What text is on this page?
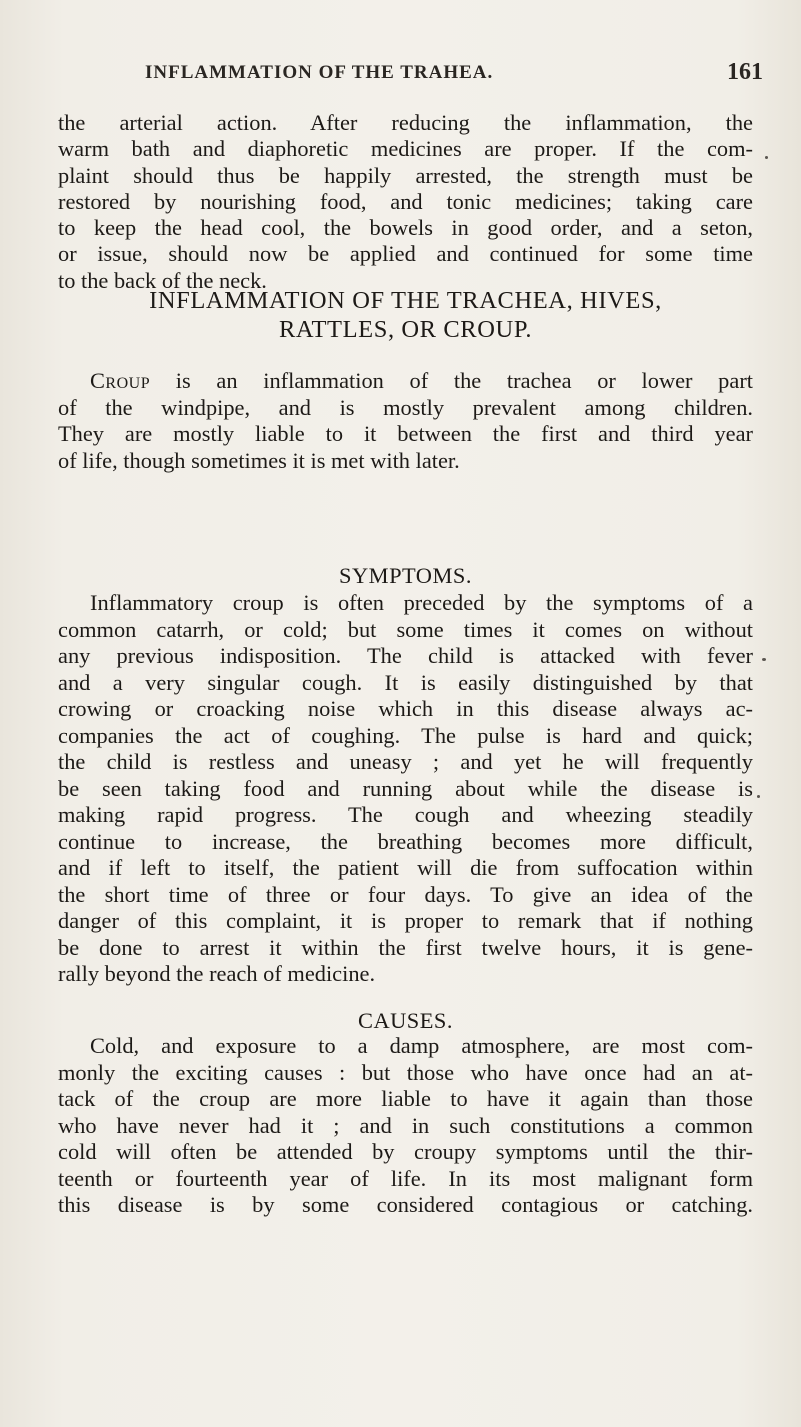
INFLAMMATION OF THE TRAHEA.	161
the arterial action. After reducing the inflammation, the
warm bath and diaphoretic medicines are proper. If the com-
plaint should thus be happily arrested, the strength must be
restored by nourishing food, and tonic medicines; taking care
to keep the head cool, the bowels in good order, and a seton,
or issue, should now be applied and continued for some time
to the back of the neck.
INFLAMMATION OF THE TRACHEA, HIVES,
RATTLES, OR CROUP.
Croup is an inflammation of the trachea or lower part
of the windpipe, and is mostly prevalent among children.
They are mostly liable to it between the first and third year
of life, though sometimes it is met with later.
SYMPTOMS.
Inflammatory croup is often preceded by the symptoms of a
common catarrh, or cold; but some times it comes on without
any previous indisposition. The child is attacked with fever
and a very singular cough. It is easily distinguished by that
crowing or croacking noise which in this disease always ac-
companies the act of coughing. The pulse is hard and quick;
the child is restless and uneasy ; and yet he will frequently
be seen taking food and running about while the disease is
making rapid progress. The cough and wheezing steadily
continue to increase, the breathing becomes more difficult,
and if left to itself, the patient will die from suffocation within
the short time of three or four days. To give an idea of the
danger of this complaint, it is proper to remark that if nothing
be done to arrest it within the first twelve hours, it is gene-
rally beyond the reach of medicine.
CAUSES.
Cold, and exposure to a damp atmosphere, are most com-
monly the exciting causes : but those who have once had an at-
tack of the croup are more liable to have it again than those
who have never had it ; and in such constitutions a common
cold will often be attended by croupy symptoms until the thir-
teenth or fourteenth year of life. In its most malignant form
this disease is by some considered contagious or catching.
